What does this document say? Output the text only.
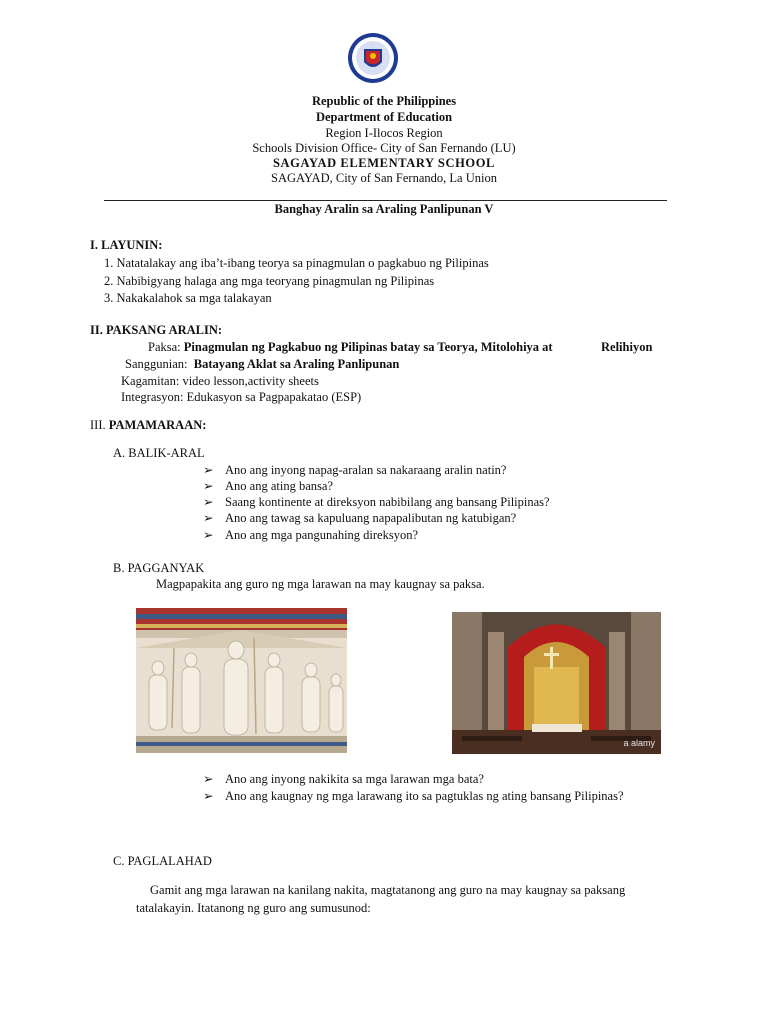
Republic of the Philippines
Department of Education
Region I-Ilocos Region
Schools Division Office- City of San Fernando (LU)
SAGAYAD ELEMENTARY SCHOOL
SAGAYAD, City of San Fernando, La Union
Banghay Aralin sa Araling Panlipunan V
I. LAYUNIN:
1. Natatalakay ang iba’t-ibang teorya sa pinagmulan o pagkabuo ng Pilipinas
2. Nabibigyang halaga ang mga teoryang pinagmulan ng Pilipinas
3. Nakakalahok sa mga talakayan
II. PAKSANG ARALIN:
Paksa: Pinagmulan ng Pagkabuo ng Pilipinas batay sa Teorya, Mitolohiya at	Relihiyon
Sanggunian: Batayang Aklat sa Araling Panlipunan
Kagamitan: video lesson,activity sheets
Integrasyon: Edukasyon sa Pagpapakatao (ESP)
III. PAMAMARAAN:
A. BALIK-ARAL
➢ Ano ang inyong napag-aralan sa nakaraang aralin natin?
➢ Ano ang ating bansa?
➢ Saang kontinente at direksyon nabibilang ang bansang Pilipinas?
➢ Ano ang tawag sa kapuluang napapalibutan ng katubigan?
➢ Ano ang mga pangunahing direksyon?
B. PAGGANYAK
Magpapakita ang guro ng mga larawan na may kaugnay sa paksa.
a alamy
➢ Ano ang inyong nakikita sa mga larawan mga bata?
➢ Ano ang kaugnay ng mga larawang ito sa pagtuklas ng ating bansang Pilipinas?
C. PAGLALAHAD
Gamit ang mga larawan na kanilang nakita, magtatanong ang guro na may kaugnay sa paksang
tatalakayin. Itatanong ng guro ang sumusunod:
